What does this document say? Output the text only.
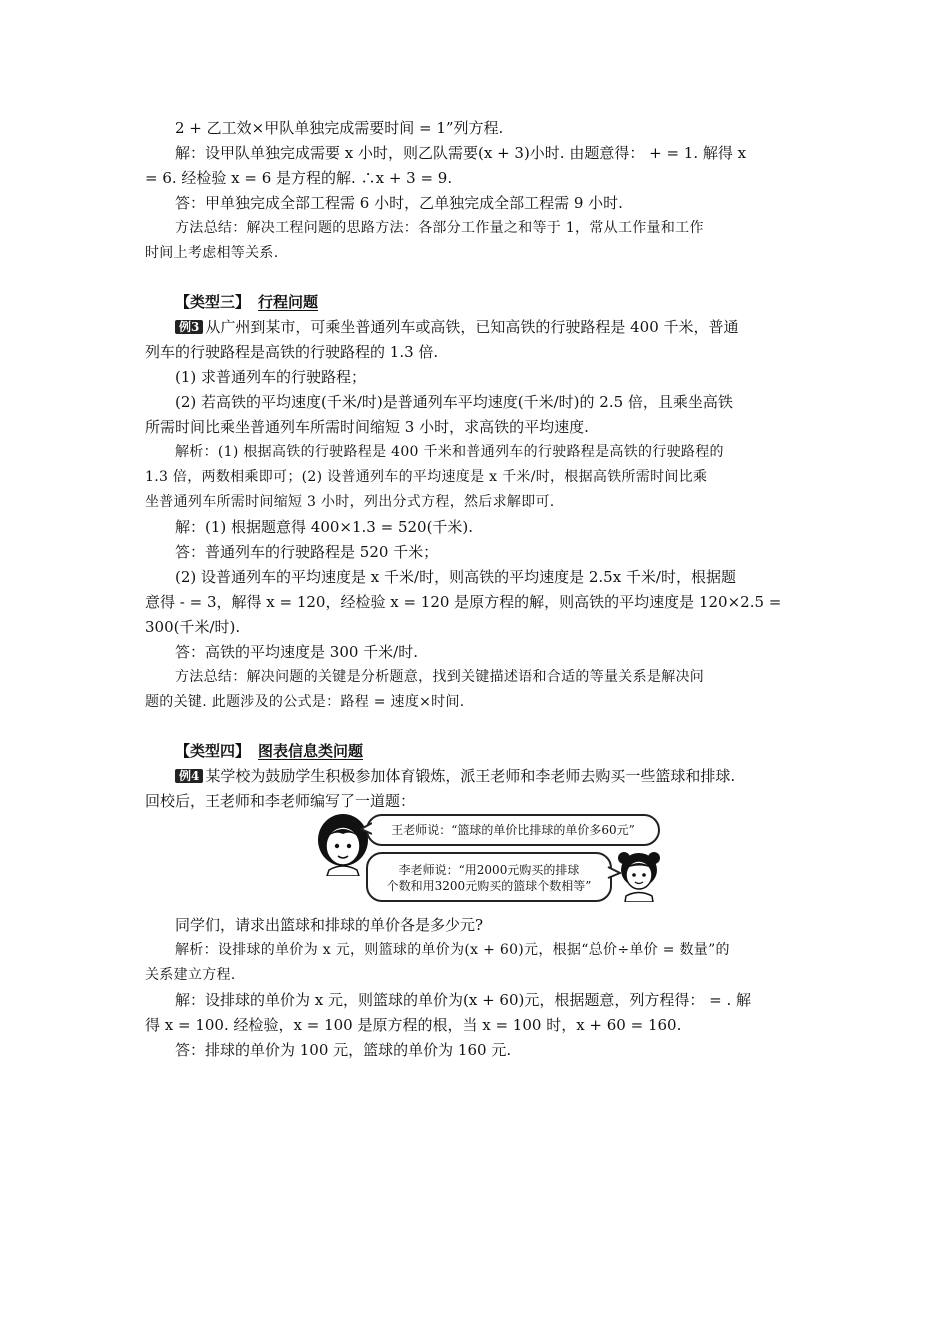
2 + 乙工效×甲队单独完成需要时间 = 1”列方程.
解：设甲队单独完成需要 x 小时，则乙队需要(x + 3)小时. 由题意得： + = 1. 解得 x
= 6. 经检验 x = 6 是方程的解. ∴x + 3 = 9.
答：甲单独完成全部工程需 6 小时，乙单独完成全部工程需 9 小时.
方法总结：解决工程问题的思路方法：各部分工作量之和等于 1，常从工作量和工作
时间上考虑相等关系.
【类型三】 行程问题
例3 从广州到某市，可乘坐普通列车或高铁，已知高铁的行驶路程是 400 千米，普通
列车的行驶路程是高铁的行驶路程的 1.3 倍.
(1) 求普通列车的行驶路程；
(2) 若高铁的平均速度(千米/时)是普通列车平均速度(千米/时)的 2.5 倍，且乘坐高铁
所需时间比乘坐普通列车所需时间缩短 3 小时，求高铁的平均速度.
解析：(1) 根据高铁的行驶路程是 400 千米和普通列车的行驶路程是高铁的行驶路程的
1.3 倍，两数相乘即可；(2) 设普通列车的平均速度是 x 千米/时，根据高铁所需时间比乘
坐普通列车所需时间缩短 3 小时，列出分式方程，然后求解即可.
解：(1) 根据题意得 400×1.3 = 520(千米).
答：普通列车的行驶路程是 520 千米；
(2) 设普通列车的平均速度是 x 千米/时，则高铁的平均速度是 2.5x 千米/时，根据题
意得 - = 3，解得 x = 120，经检验 x = 120 是原方程的解，则高铁的平均速度是 120×2.5 =
300(千米/时).
答：高铁的平均速度是 300 千米/时.
方法总结：解决问题的关键是分析题意，找到关键描述语和合适的等量关系是解决问
题的关键. 此题涉及的公式是：路程 = 速度×时间.
【类型四】 图表信息类问题
例4 某学校为鼓励学生积极参加体育锻炼，派王老师和李老师去购买一些篮球和排球.
回校后，王老师和李老师编写了一道题：
王老师说：“篮球的单价比排球的单价多60元”
李老师说：“用2000元购买的排球
个数和用3200元购买的篮球个数相等”
同学们，请求出篮球和排球的单价各是多少元?
解析：设排球的单价为 x 元，则篮球的单价为(x + 60)元，根据“总价÷单价 = 数量”的
关系建立方程.
解：设排球的单价为 x 元，则篮球的单价为(x + 60)元，根据题意，列方程得： = . 解
得 x = 100. 经检验，x = 100 是原方程的根，当 x = 100 时，x + 60 = 160.
答：排球的单价为 100 元，篮球的单价为 160 元.
